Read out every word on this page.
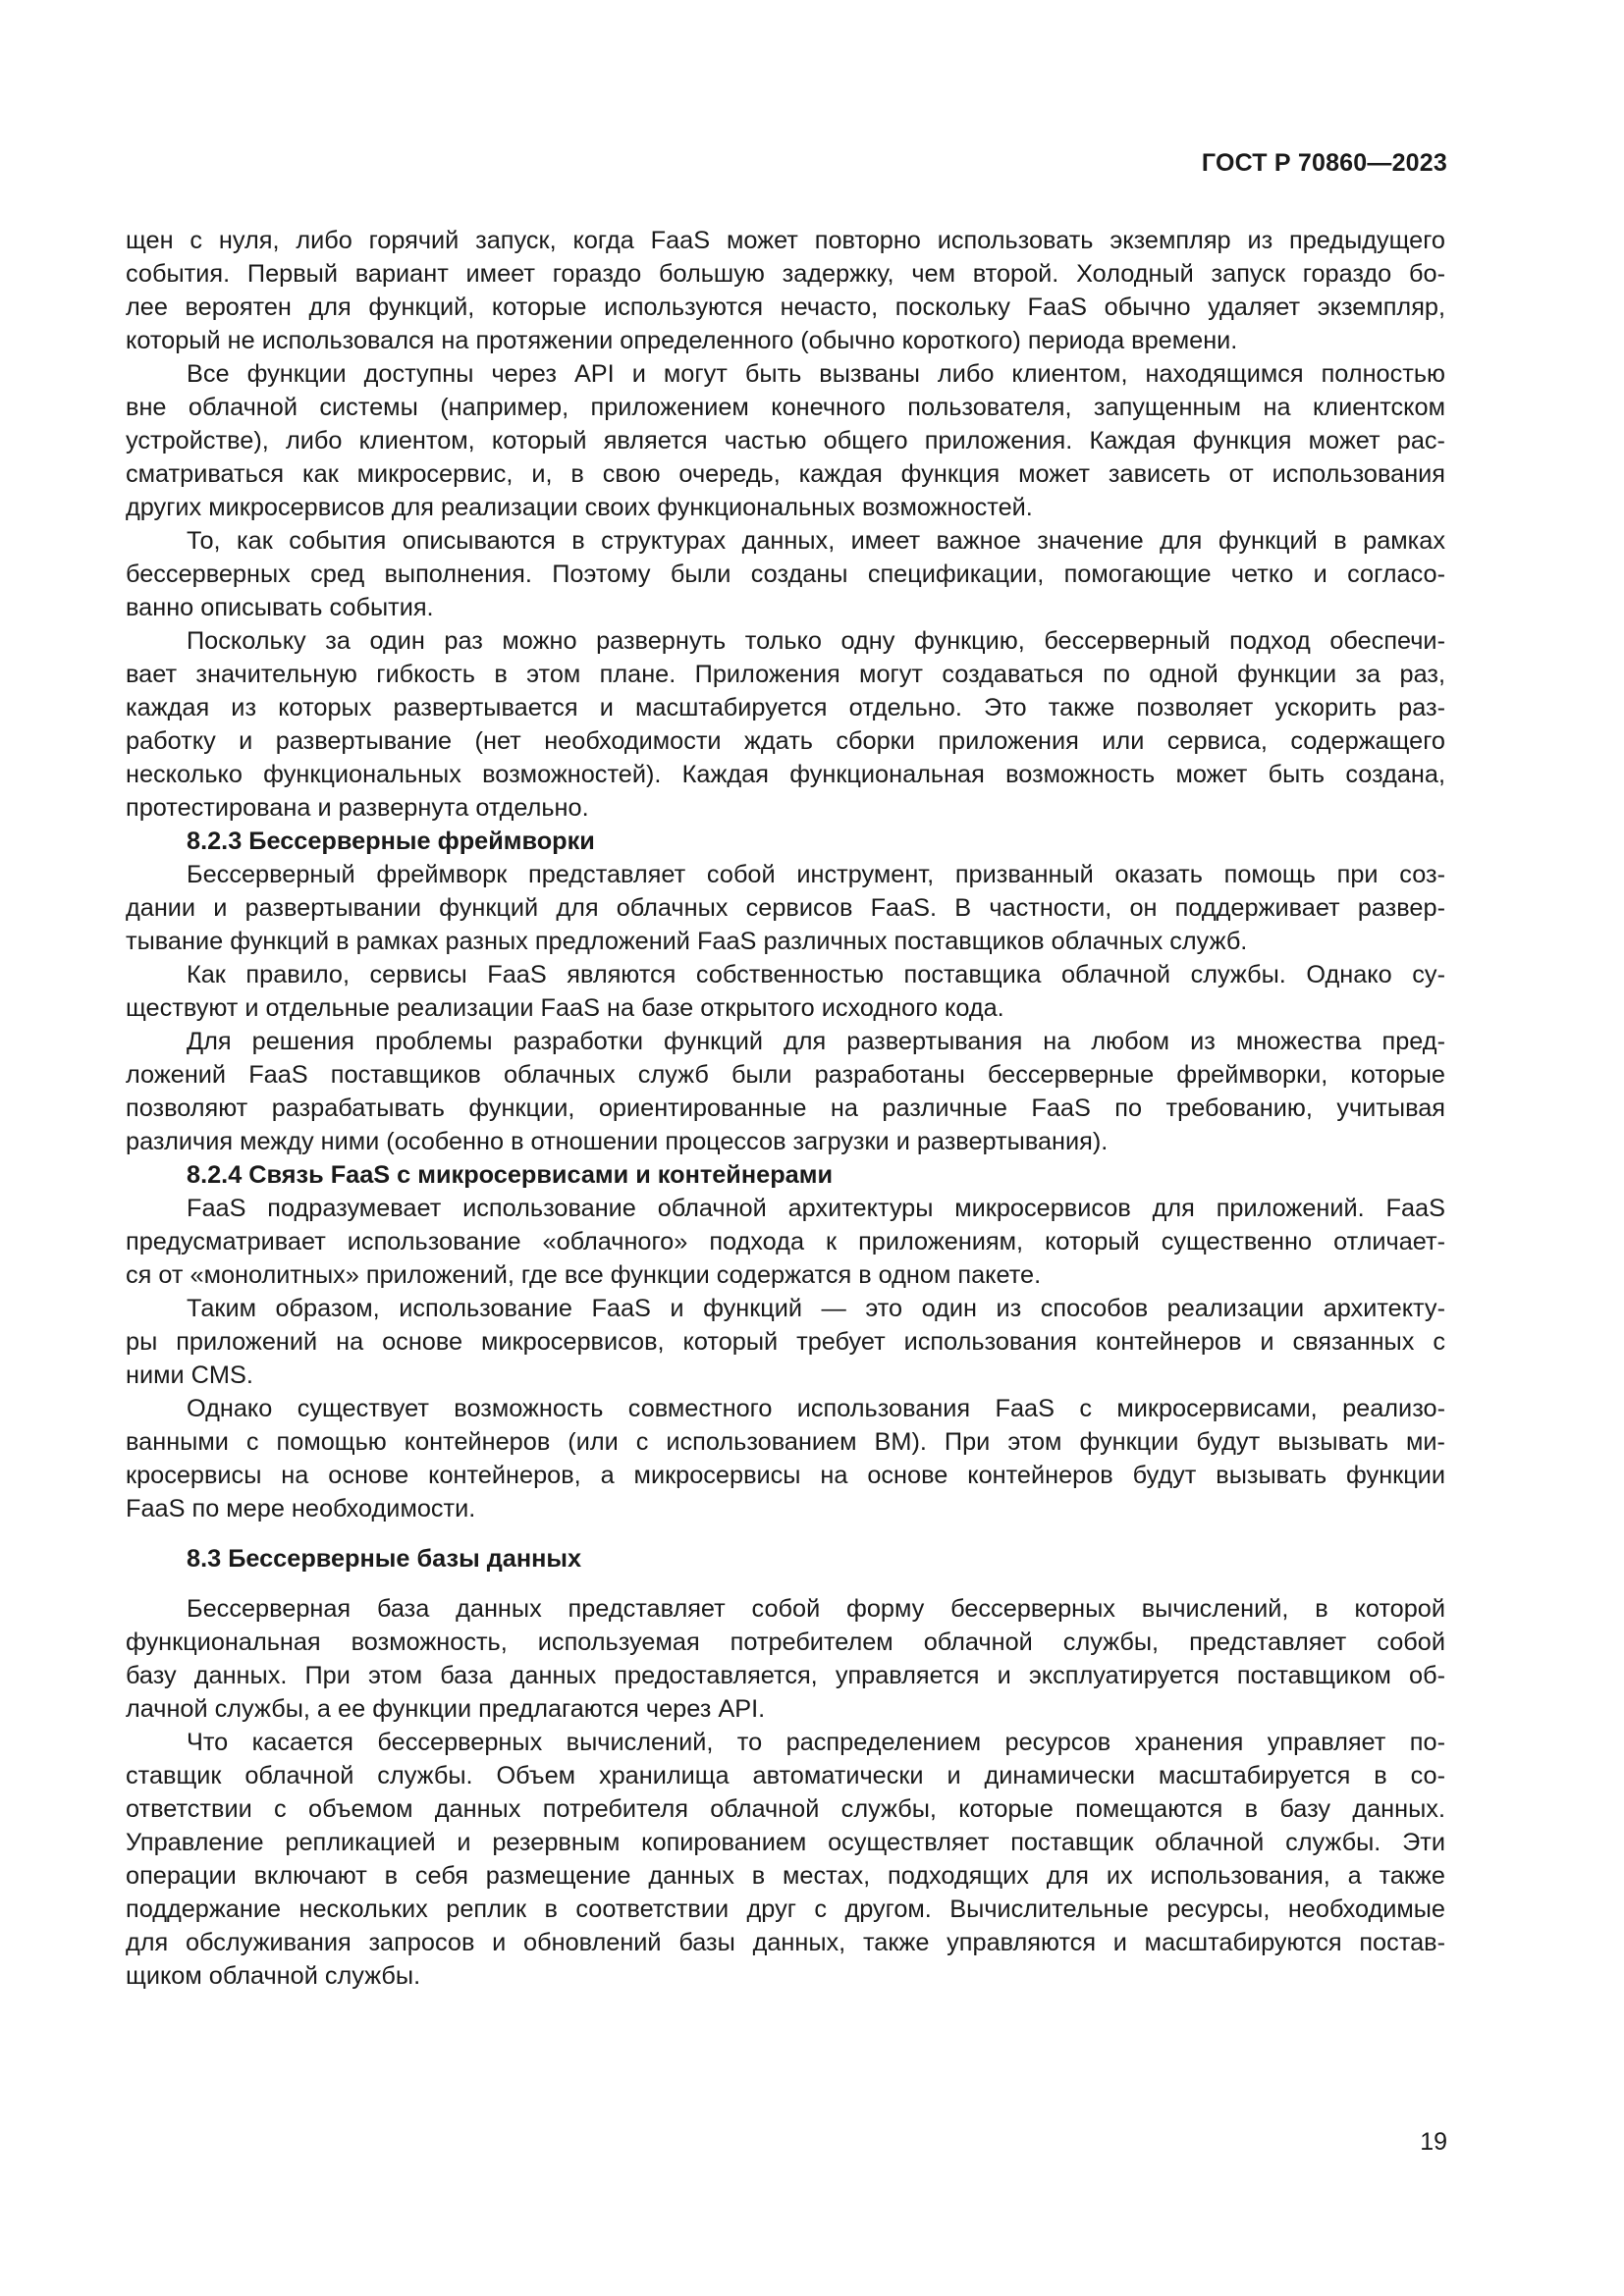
ГОСТ Р 70860—2023
щен с нуля, либо горячий запуск, когда FaaS может повторно использовать экземпляр из предыдущего
события. Первый вариант имеет гораздо большую задержку, чем второй. Холодный запуск гораздо бо-
лее вероятен для функций, которые используются нечасто, поскольку FaaS обычно удаляет экземпляр,
который не использовался на протяжении определенного (обычно короткого) периода времени.
Все функции доступны через API и могут быть вызваны либо клиентом, находящимся полностью
вне облачной системы (например, приложением конечного пользователя, запущенным на клиентском
устройстве), либо клиентом, который является частью общего приложения. Каждая функция может рас-
сматриваться как микросервис, и, в свою очередь, каждая функция может зависеть от использования
других микросервисов для реализации своих функциональных возможностей.
То, как события описываются в структурах данных, имеет важное значение для функций в рамках
бессерверных сред выполнения. Поэтому были созданы спецификации, помогающие четко и согласо-
ванно описывать события.
Поскольку за один раз можно развернуть только одну функцию, бессерверный подход обеспечи-
вает значительную гибкость в этом плане. Приложения могут создаваться по одной функции за раз,
каждая из которых развертывается и масштабируется отдельно. Это также позволяет ускорить раз-
работку и развертывание (нет необходимости ждать сборки приложения или сервиса, содержащего
несколько функциональных возможностей). Каждая функциональная возможность может быть создана,
протестирована и развернута отдельно.
8.2.3 Бессерверные фреймворки
Бессерверный фреймворк представляет собой инструмент, призванный оказать помощь при соз-
дании и развертывании функций для облачных сервисов FaaS. В частности, он поддерживает развер-
тывание функций в рамках разных предложений FaaS различных поставщиков облачных служб.
Как правило, сервисы FaaS являются собственностью поставщика облачной службы. Однако су-
ществуют и отдельные реализации FaaS на базе открытого исходного кода.
Для решения проблемы разработки функций для развертывания на любом из множества пред-
ложений FaaS поставщиков облачных служб были разработаны бессерверные фреймворки, которые
позволяют разрабатывать функции, ориентированные на различные FaaS по требованию, учитывая
различия между ними (особенно в отношении процессов загрузки и развертывания).
8.2.4 Связь FaaS с микросервисами и контейнерами
FaaS подразумевает использование облачной архитектуры микросервисов для приложений. FaaS
предусматривает использование «облачного» подхода к приложениям, который существенно отличает-
ся от «монолитных» приложений, где все функции содержатся в одном пакете.
Таким образом, использование FaaS и функций — это один из способов реализации архитекту-
ры приложений на основе микросервисов, который требует использования контейнеров и связанных с
ними CMS.
Однако существует возможность совместного использования FaaS с микросервисами, реализо-
ванными с помощью контейнеров (или с использованием ВМ). При этом функции будут вызывать ми-
кросервисы на основе контейнеров, а микросервисы на основе контейнеров будут вызывать функции
FaaS по мере необходимости.
8.3 Бессерверные базы данных
Бессерверная база данных представляет собой форму бессерверных вычислений, в которой
функциональная возможность, используемая потребителем облачной службы, представляет собой
базу данных. При этом база данных предоставляется, управляется и эксплуатируется поставщиком об-
лачной службы, а ее функции предлагаются через API.
Что касается бессерверных вычислений, то распределением ресурсов хранения управляет по-
ставщик облачной службы. Объем хранилища автоматически и динамически масштабируется в со-
ответствии с объемом данных потребителя облачной службы, которые помещаются в базу данных.
Управление репликацией и резервным копированием осуществляет поставщик облачной службы. Эти
операции включают в себя размещение данных в местах, подходящих для их использования, а также
поддержание нескольких реплик в соответствии друг с другом. Вычислительные ресурсы, необходимые
для обслуживания запросов и обновлений базы данных, также управляются и масштабируются постав-
щиком облачной службы.
19
